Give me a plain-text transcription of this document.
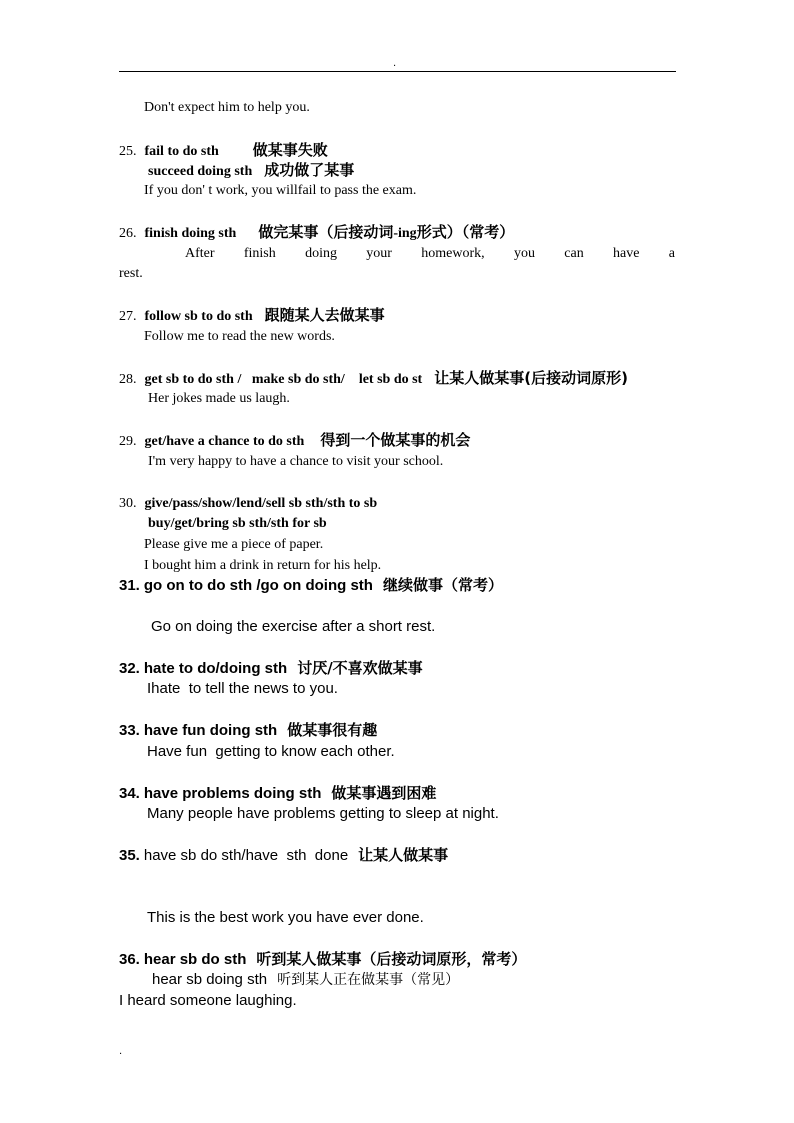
.
Don't expect him to help you.
25. fail to do sth 做某事失败
succeed doing sth 成功做了某事
If you don' t work, you willfail to pass the exam.
26. finish doing sth 做完某事（后接动词-ing形式）（常考）
After finish doing your homework, you can have a
rest.
27. follow sb to do sth 跟随某人去做某事
Follow me to read the new words.
28. get sb to do sth /   make sb do sth/    let sb do st 让某人做某事(后接动词原形)
Her jokes made us laugh.
29. get/have a chance to do sth 得到一个做某事的机会
I'm very happy to have a chance to visit your school.
30. give/pass/show/lend/sell sb sth/sth to sb
buy/get/bring sb sth/sth for sb
Please give me a piece of paper.
I bought him a drink in return for his help.
31. go on to do sth /go on doing sth 继续做事（常考）
Go on doing the exercise after a short rest.
32. hate to do/doing sth 讨厌/不喜欢做某事
Ihate  to tell the news to you.
33. have fun doing sth 做某事很有趣
Have fun  getting to know each other.
34. have problems doing sth 做某事遇到困难
Many people have problems getting to sleep at night.
35. have sb do sth/have  sth  done 让某人做某事
This is the best work you have ever done.
36. hear sb do sth 听到某人做某事（后接动词原形，常考）
hear sb doing sth 听到某人正在做某事（常见）
I heard someone laughing.
.
